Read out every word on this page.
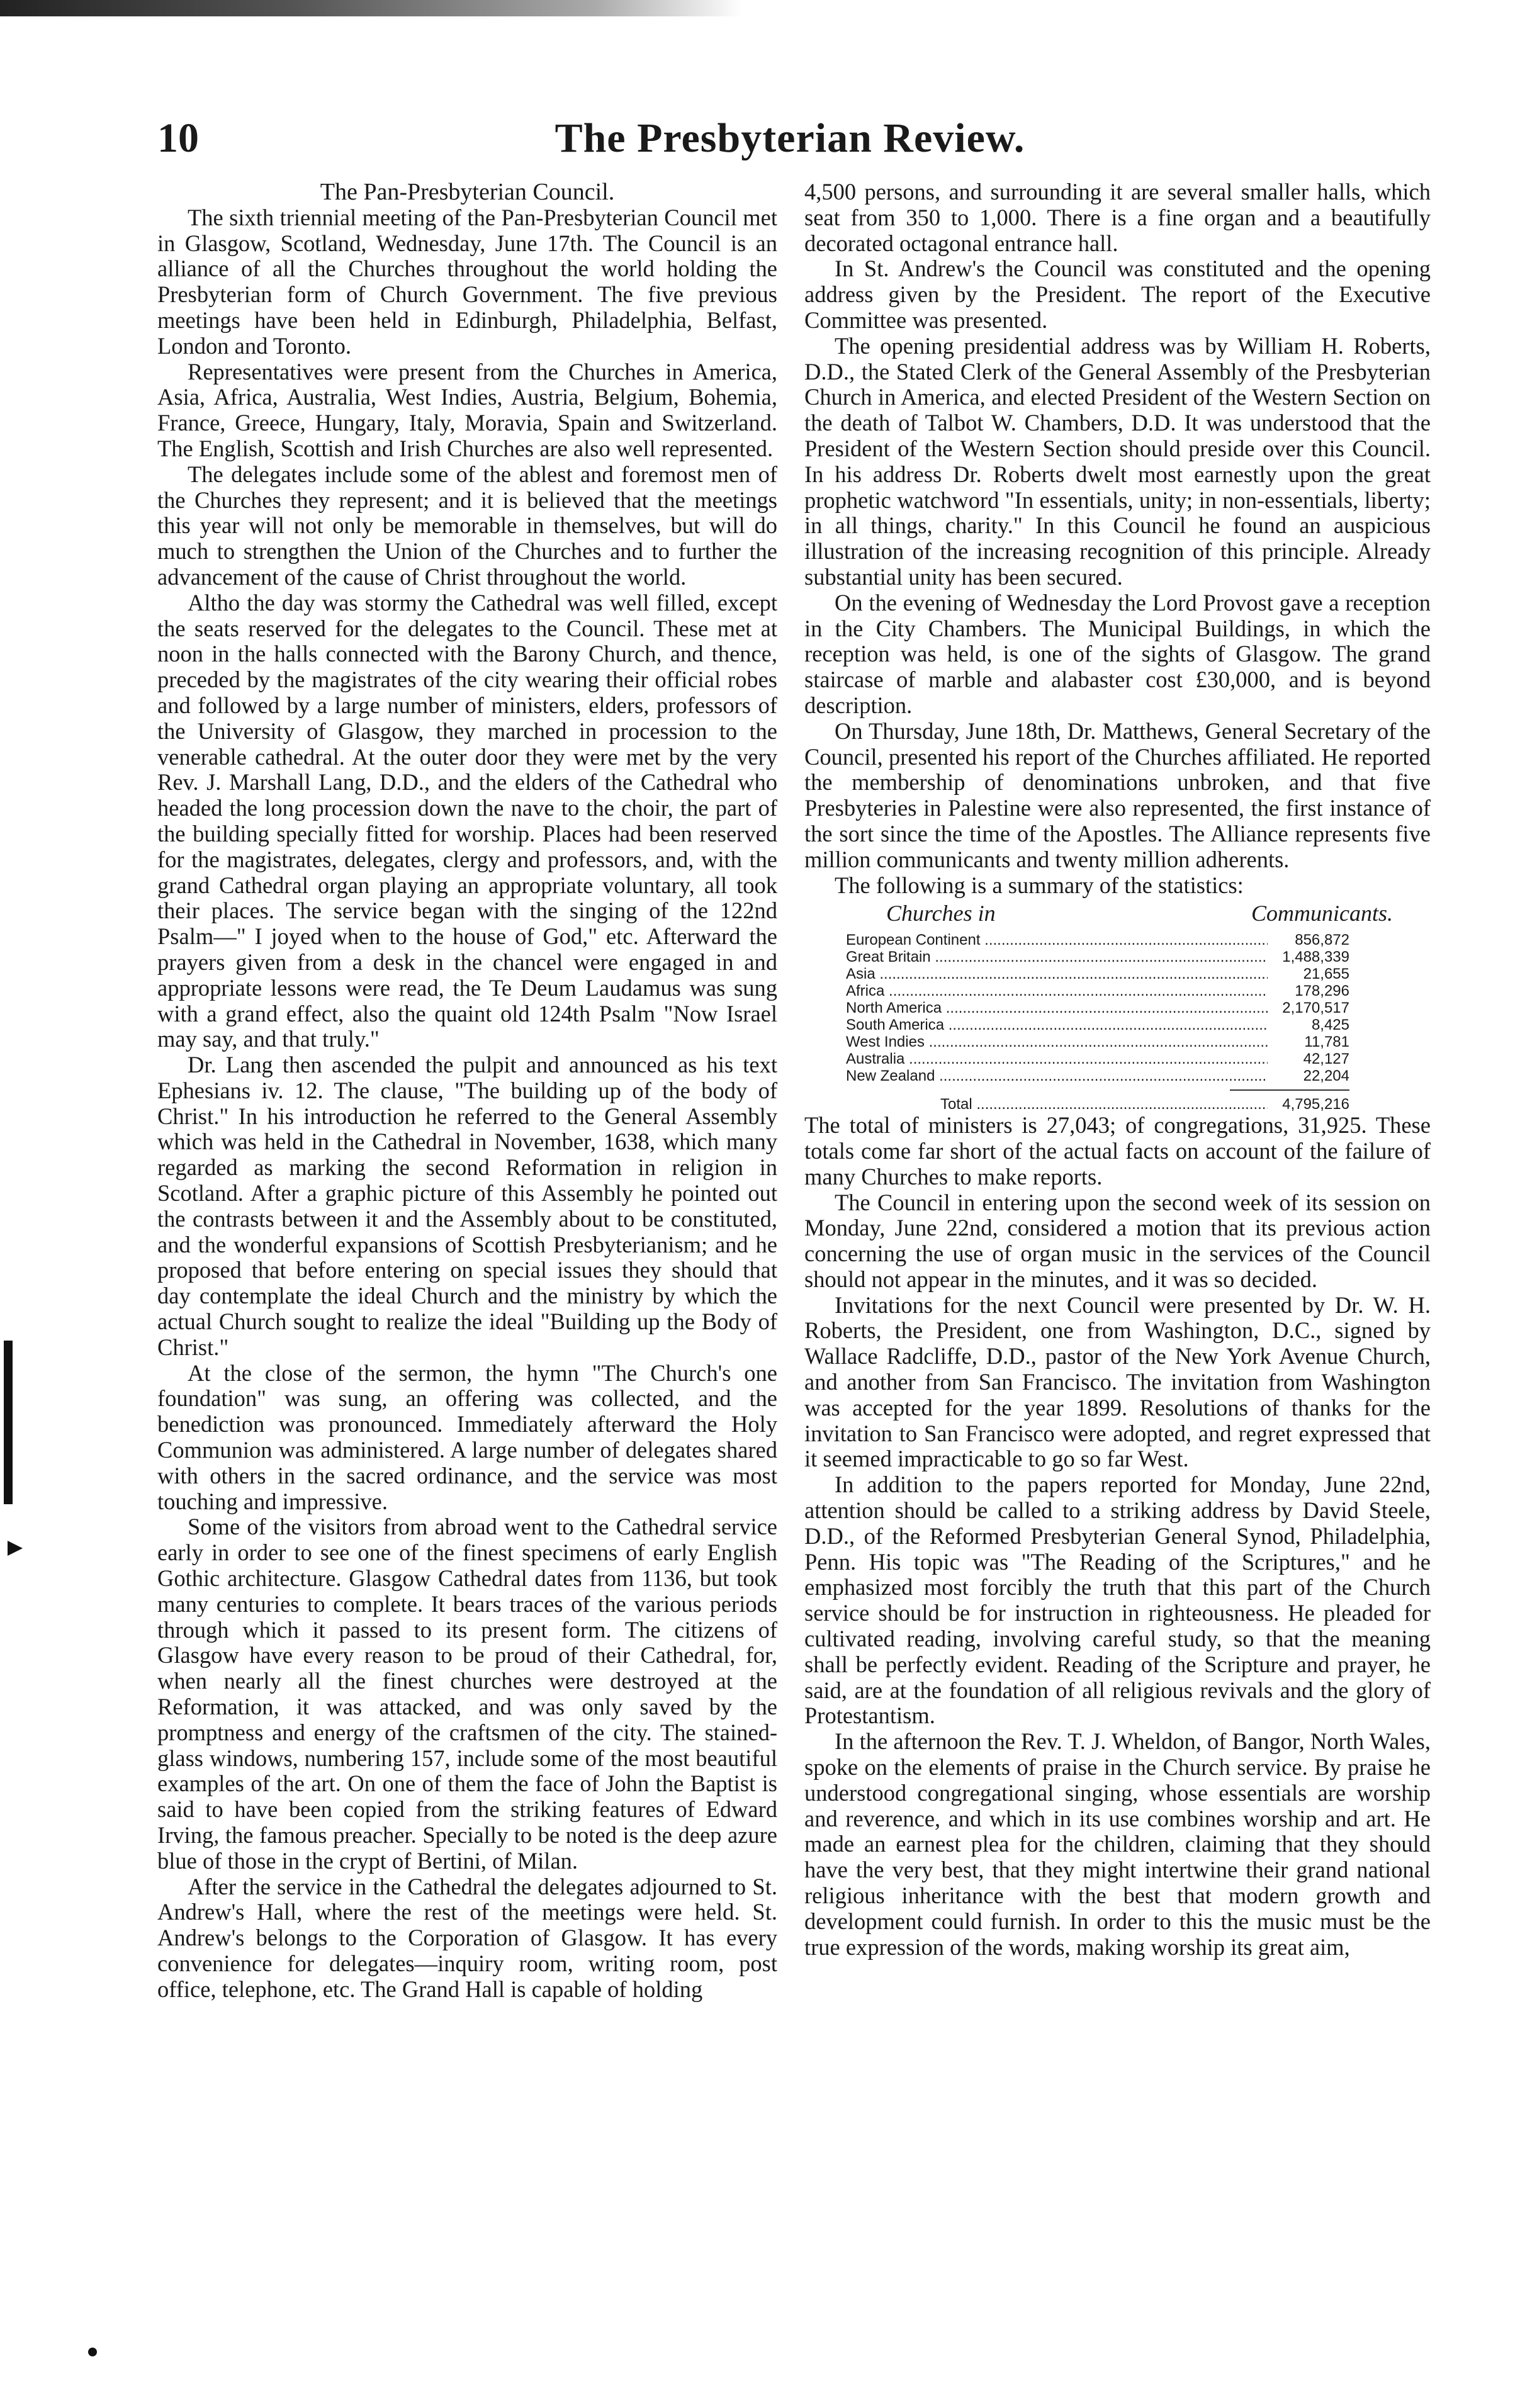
10	The Presbyterian Review.

The Pan-Presbyterian Council.

The sixth triennial meeting of the Pan-Presbyterian Council met in Glasgow, Scotland, Wednesday, June 17th. The Council is an alliance of all the Churches throughout the world holding the Presbyterian form of Church Government. The five previous meetings have been held in Edinburgh, Philadelphia, Belfast, London and Toronto.

Representatives were present from the Churches in America, Asia, Africa, Australia, West Indies, Austria, Belgium, Bohemia, France, Greece, Hungary, Italy, Moravia, Spain and Switzerland. The English, Scottish and Irish Churches are also well represented.

The delegates include some of the ablest and foremost men of the Churches they represent; and it is believed that the meetings this year will not only be memorable in themselves, but will do much to strengthen the Union of the Churches and to further the advancement of the cause of Christ throughout the world.

Altho the day was stormy the Cathedral was well filled, except the seats reserved for the delegates to the Council. These met at noon in the halls connected with the Barony Church, and thence, preceded by the magistrates of the city wearing their official robes and followed by a large number of ministers, elders, professors of the University of Glasgow, they marched in procession to the venerable cathedral. At the outer door they were met by the very Rev. J. Marshall Lang, D.D., and the elders of the Cathedral who headed the long procession down the nave to the choir, the part of the building specially fitted for worship. Places had been reserved for the magistrates, delegates, clergy and professors, and, with the grand Cathedral organ playing an appropriate voluntary, all took their places. The service began with the singing of the 122nd Psalm—" I joyed when to the house of God," etc. Afterward the prayers given from a desk in the chancel were engaged in and appropriate lessons were read, the Te Deum Laudamus was sung with a grand effect, also the quaint old 124th Psalm "Now Israel may say, and that truly."

Dr. Lang then ascended the pulpit and announced as his text Ephesians iv. 12. The clause, "The building up of the body of Christ." In his introduction he referred to the General Assembly which was held in the Cathedral in November, 1638, which many regarded as marking the second Reformation in religion in Scotland. After a graphic picture of this Assembly he pointed out the contrasts between it and the Assembly about to be constituted, and the wonderful expansions of Scottish Presbyterianism; and he proposed that before entering on special issues they should that day contemplate the ideal Church and the ministry by which the actual Church sought to realize the ideal "Building up the Body of Christ."

At the close of the sermon, the hymn "The Church's one foundation" was sung, an offering was collected, and the benediction was pronounced. Immediately afterward the Holy Communion was administered. A large number of delegates shared with others in the sacred ordinance, and the service was most touching and impressive.

Some of the visitors from abroad went to the Cathedral service early in order to see one of the finest specimens of early English Gothic architecture. Glasgow Cathedral dates from 1136, but took many centuries to complete. It bears traces of the various periods through which it passed to its present form. The citizens of Glasgow have every reason to be proud of their Cathedral, for, when nearly all the finest churches were destroyed at the Reformation, it was attacked, and was only saved by the promptness and energy of the craftsmen of the city. The stained-glass windows, numbering 157, include some of the most beautiful examples of the art. On one of them the face of John the Baptist is said to have been copied from the striking features of Edward Irving, the famous preacher. Specially to be noted is the deep azure blue of those in the crypt of Bertini, of Milan.

After the service in the Cathedral the delegates adjourned to St. Andrew's Hall, where the rest of the meetings were held. St. Andrew's belongs to the Corporation of Glasgow. It has every convenience for delegates—inquiry room, writing room, post office, telephone, etc. The Grand Hall is capable of holding

4,500 persons, and surrounding it are several smaller halls, which seat from 350 to 1,000. There is a fine organ and a beautifully decorated octagonal entrance hall.

In St. Andrew's the Council was constituted and the opening address given by the President. The report of the Executive Committee was presented.

The opening presidential address was by William H. Roberts, D.D., the Stated Clerk of the General Assembly of the Presbyterian Church in America, and elected President of the Western Section on the death of Talbot W. Chambers, D.D. It was understood that the President of the Western Section should preside over this Council. In his address Dr. Roberts dwelt most earnestly upon the great prophetic watchword "In essentials, unity; in non-essentials, liberty; in all things, charity." In this Council he found an auspicious illustration of the increasing recognition of this principle. Already substantial unity has been secured.

On the evening of Wednesday the Lord Provost gave a reception in the City Chambers. The Municipal Buildings, in which the reception was held, is one of the sights of Glasgow. The grand staircase of marble and alabaster cost £30,000, and is beyond description.

On Thursday, June 18th, Dr. Matthews, General Secretary of the Council, presented his report of the Churches affiliated. He reported the membership of denominations unbroken, and that five Presbyteries in Palestine were also represented, the first instance of the sort since the time of the Apostles. The Alliance represents five million communicants and twenty million adherents.

The following is a summary of the statistics:

Churches in	Communicants.
European Continent .....	856,872
Great Britain .....	1,488,339
Asia .....	21,655
Africa .....	178,296
North America .....	2,170,517
South America .....	8,425
West Indies .....	11,781
Australia .....	42,127
New Zealand .....	22,204
Total .....	4,795,216

The total of ministers is 27,043; of congregations, 31,925. These totals come far short of the actual facts on account of the failure of many Churches to make reports.

The Council in entering upon the second week of its session on Monday, June 22nd, considered a motion that its previous action concerning the use of organ music in the services of the Council should not appear in the minutes, and it was so decided.

Invitations for the next Council were presented by Dr. W. H. Roberts, the President, one from Washington, D.C., signed by Wallace Radcliffe, D.D., pastor of the New York Avenue Church, and another from San Francisco. The invitation from Washington was accepted for the year 1899. Resolutions of thanks for the invitation to San Francisco were adopted, and regret expressed that it seemed impracticable to go so far West.

In addition to the papers reported for Monday, June 22nd, attention should be called to a striking address by David Steele, D.D., of the Reformed Presbyterian General Synod, Philadelphia, Penn. His topic was "The Reading of the Scriptures," and he emphasized most forcibly the truth that this part of the Church service should be for instruction in righteousness. He pleaded for cultivated reading, involving careful study, so that the meaning shall be perfectly evident. Reading of the Scripture and prayer, he said, are at the foundation of all religious revivals and the glory of Protestantism.

In the afternoon the Rev. T. J. Wheldon, of Bangor, North Wales, spoke on the elements of praise in the Church service. By praise he understood congregational singing, whose essentials are worship and reverence, and which in its use combines worship and art. He made an earnest plea for the children, claiming that they should have the very best, that they might intertwine their grand national religious inheritance with the best that modern growth and development could furnish. In order to this the music must be the true expression of the words, making worship its great aim,
